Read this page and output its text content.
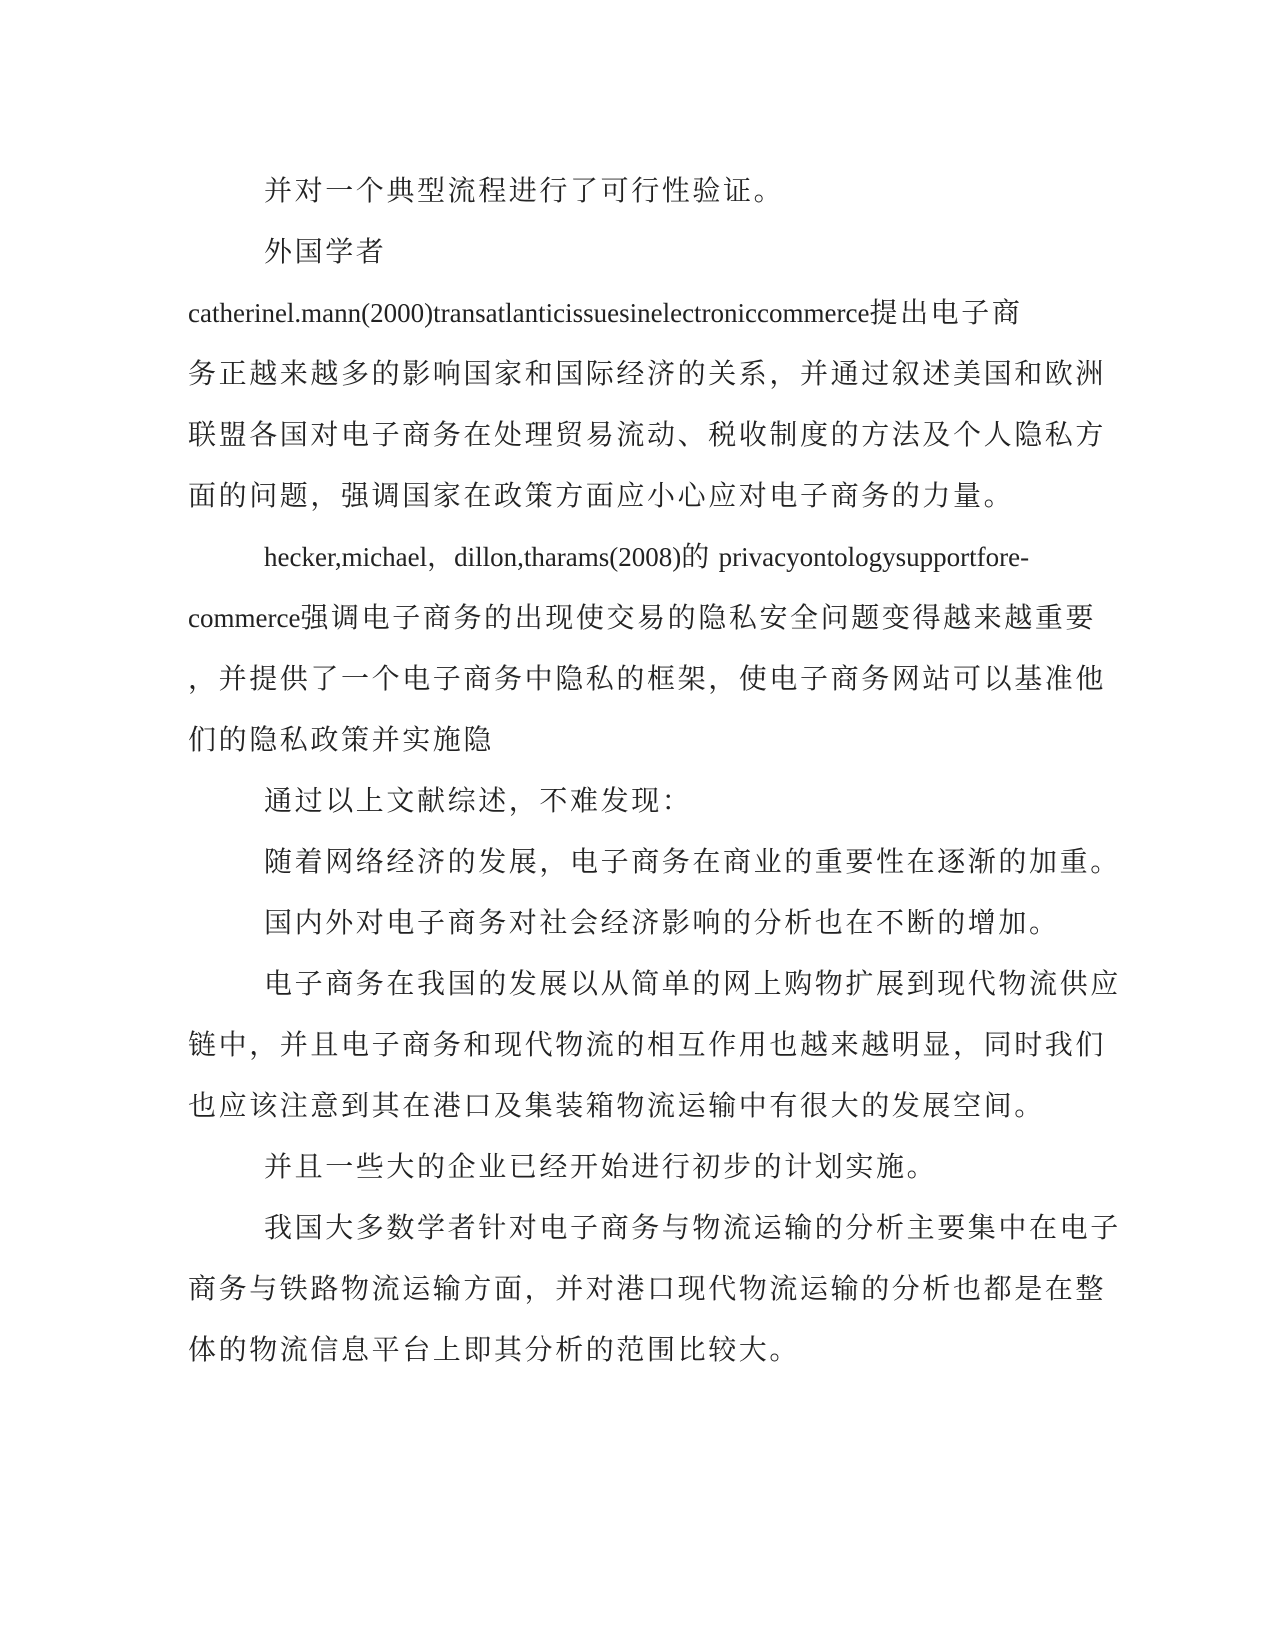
并对一个典型流程进行了可行性验证。
外国学者
catherinel.mann(2000)transatlanticissuesinelectroniccommerce提出电子商
务正越来越多的影响国家和国际经济的关系，并通过叙述美国和欧洲
联盟各国对电子商务在处理贸易流动、税收制度的方法及个人隐私方
面的问题，强调国家在政策方面应小心应对电子商务的力量。
hecker,michael，dillon,tharams(2008)的 privacyontologysupportfore-
commerce强调电子商务的出现使交易的隐私安全问题变得越来越重要
，并提供了一个电子商务中隐私的框架，使电子商务网站可以基准他
们的隐私政策并实施隐
通过以上文献综述，不难发现：
随着网络经济的发展，电子商务在商业的重要性在逐渐的加重。
国内外对电子商务对社会经济影响的分析也在不断的增加。
电子商务在我国的发展以从简单的网上购物扩展到现代物流供应
链中，并且电子商务和现代物流的相互作用也越来越明显，同时我们
也应该注意到其在港口及集装箱物流运输中有很大的发展空间。
并且一些大的企业已经开始进行初步的计划实施。
我国大多数学者针对电子商务与物流运输的分析主要集中在电子
商务与铁路物流运输方面，并对港口现代物流运输的分析也都是在整
体的物流信息平台上即其分析的范围比较大。
